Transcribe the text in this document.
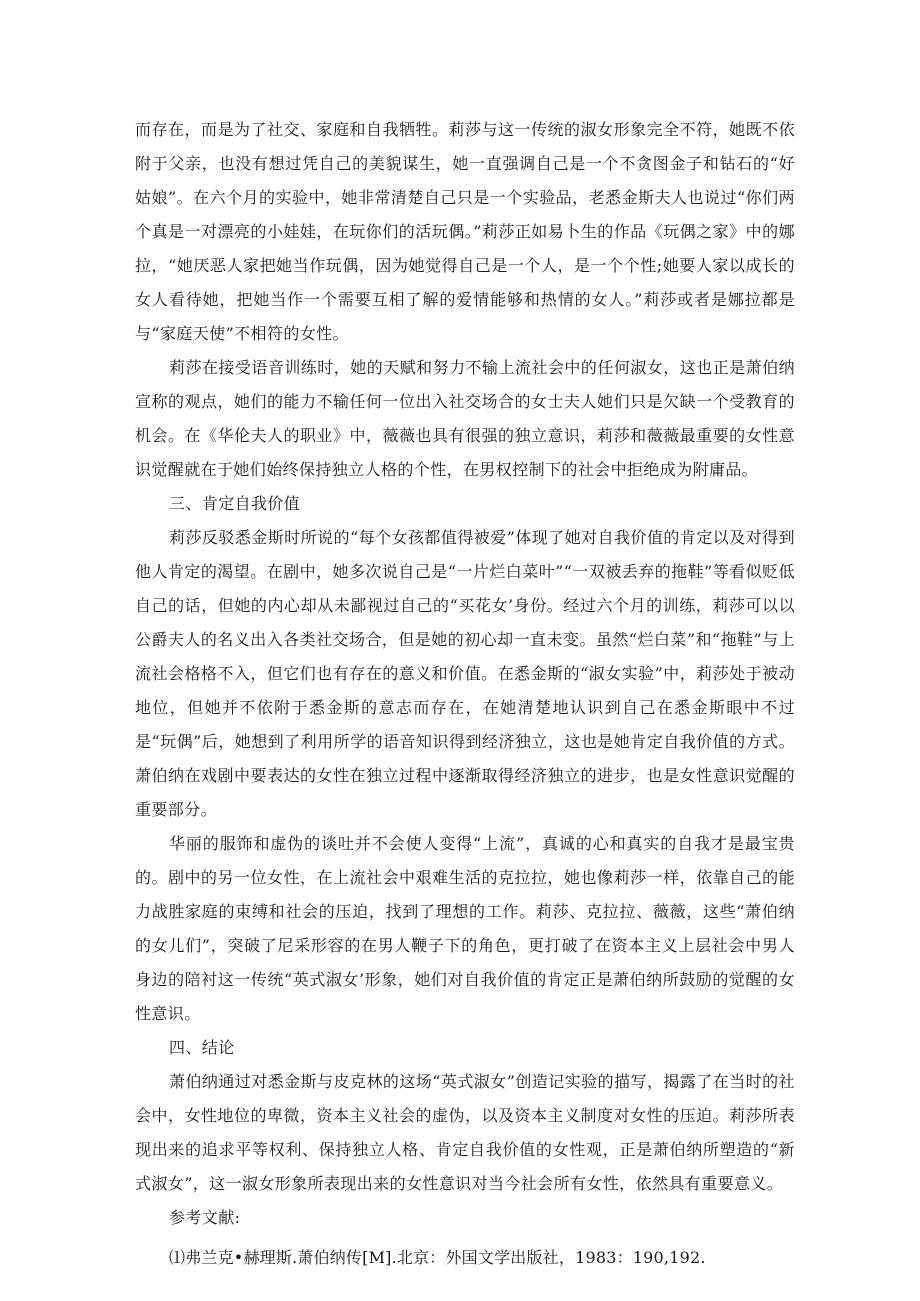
而存在，而是为了社交、家庭和自我牺牲。莉莎与这一传统的淑女形象完全不符，她既不依附于父亲，也没有想过凭自己的美貌谋生，她一直强调自己是一个不贪图金子和钻石的“好姑娘”。在六个月的实验中，她非常清楚自己只是一个实验品，老悉金斯夫人也说过“你们两个真是一对漂亮的小娃娃，在玩你们的活玩偶。”莉莎正如易卜生的作品《玩偶之家》中的娜拉，“她厌恶人家把她当作玩偶，因为她觉得自己是一个人，是一个个性;她要人家以成长的女人看待她，把她当作一个需要互相了解的爱情能够和热情的女人。”莉莎或者是娜拉都是与“家庭天使”不相符的女性。

莉莎在接受语音训练时，她的天赋和努力不输上流社会中的任何淑女，这也正是萧伯纳宣称的观点，她们的能力不输任何一位出入社交场合的女士夫人她们只是欠缺一个受教育的机会。在《华伦夫人的职业》中，薇薇也具有很强的独立意识，莉莎和薇薇最重要的女性意识觉醒就在于她们始终保持独立人格的个性，在男权控制下的社会中拒绝成为附庸品。

三、肯定自我价值

莉莎反驳悉金斯时所说的“每个女孩都值得被爱”体现了她对自我价值的肯定以及对得到他人肯定的渴望。在剧中，她多次说自己是“一片烂白菜叶”“一双被丢弃的拖鞋”等看似贬低自己的话，但她的内心却从未鄙视过自己的“买花女’身份。经过六个月的训练，莉莎可以以公爵夫人的名义出入各类社交场合，但是她的初心却一直未变。虽然“烂白菜”和“拖鞋”与上流社会格格不入，但它们也有存在的意义和价值。在悉金斯的“淑女实验”中，莉莎处于被动地位，但她并不依附于悉金斯的意志而存在，在她清楚地认识到自己在悉金斯眼中不过是“玩偶”后，她想到了利用所学的语音知识得到经济独立，这也是她肯定自我价值的方式。萧伯纳在戏剧中要表达的女性在独立过程中逐渐取得经济独立的进步，也是女性意识觉醒的重要部分。

华丽的服饰和虚伪的谈吐并不会使人变得“上流”，真诚的心和真实的自我才是最宝贵的。剧中的另一位女性，在上流社会中艰难生活的克拉拉，她也像莉莎一样，依靠自己的能力战胜家庭的束缚和社会的压迫，找到了理想的工作。莉莎、克拉拉、薇薇，这些“萧伯纳的女儿们”，突破了尼采形容的在男人鞭子下的角色，更打破了在资本主义上层社会中男人身边的陪衬这一传统“英式淑女’形象，她们对自我价值的肯定正是萧伯纳所鼓励的觉醒的女性意识。

四、结论

萧伯纳通过对悉金斯与皮克林的这场“英式淑女”创造记实验的描写，揭露了在当时的社会中，女性地位的卑微，资本主义社会的虚伪，以及资本主义制度对女性的压迫。莉莎所表现出来的追求平等权利、保持独立人格、肯定自我价值的女性观，正是萧伯纳所塑造的“新式淑女”，这一淑女形象所表现出来的女性意识对当今社会所有女性，依然具有重要意义。

参考文献:

⑴弗兰克•赫理斯.萧伯纳传[M].北京：外国文学出版社，1983：190,192.
